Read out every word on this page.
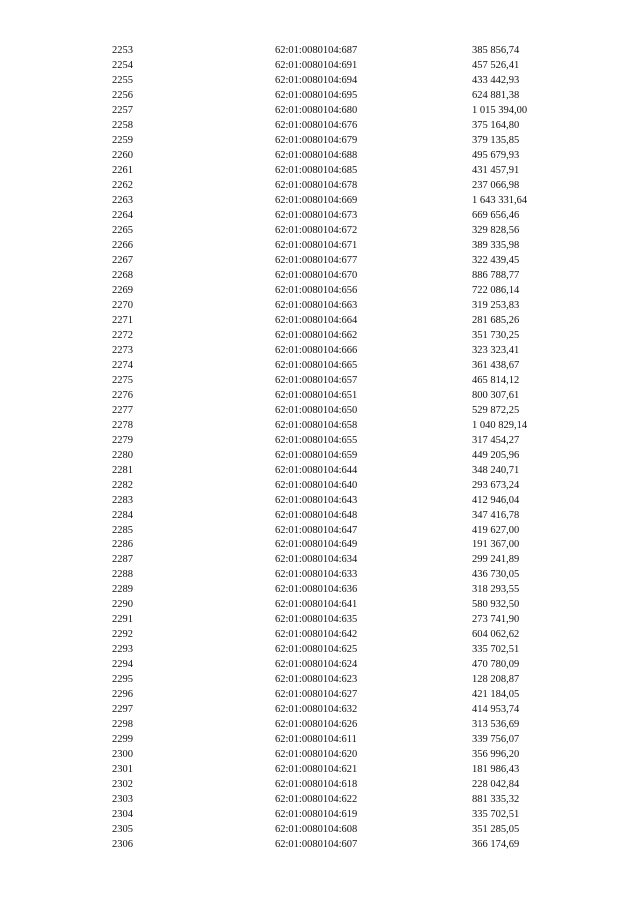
2253	62:01:0080104:687	385 856,74
2254	62:01:0080104:691	457 526,41
2255	62:01:0080104:694	433 442,93
2256	62:01:0080104:695	624 881,38
2257	62:01:0080104:680	1 015 394,00
2258	62:01:0080104:676	375 164,80
2259	62:01:0080104:679	379 135,85
2260	62:01:0080104:688	495 679,93
2261	62:01:0080104:685	431 457,91
2262	62:01:0080104:678	237 066,98
2263	62:01:0080104:669	1 643 331,64
2264	62:01:0080104:673	669 656,46
2265	62:01:0080104:672	329 828,56
2266	62:01:0080104:671	389 335,98
2267	62:01:0080104:677	322 439,45
2268	62:01:0080104:670	886 788,77
2269	62:01:0080104:656	722 086,14
2270	62:01:0080104:663	319 253,83
2271	62:01:0080104:664	281 685,26
2272	62:01:0080104:662	351 730,25
2273	62:01:0080104:666	323 323,41
2274	62:01:0080104:665	361 438,67
2275	62:01:0080104:657	465 814,12
2276	62:01:0080104:651	800 307,61
2277	62:01:0080104:650	529 872,25
2278	62:01:0080104:658	1 040 829,14
2279	62:01:0080104:655	317 454,27
2280	62:01:0080104:659	449 205,96
2281	62:01:0080104:644	348 240,71
2282	62:01:0080104:640	293 673,24
2283	62:01:0080104:643	412 946,04
2284	62:01:0080104:648	347 416,78
2285	62:01:0080104:647	419 627,00
2286	62:01:0080104:649	191 367,00
2287	62:01:0080104:634	299 241,89
2288	62:01:0080104:633	436 730,05
2289	62:01:0080104:636	318 293,55
2290	62:01:0080104:641	580 932,50
2291	62:01:0080104:635	273 741,90
2292	62:01:0080104:642	604 062,62
2293	62:01:0080104:625	335 702,51
2294	62:01:0080104:624	470 780,09
2295	62:01:0080104:623	128 208,87
2296	62:01:0080104:627	421 184,05
2297	62:01:0080104:632	414 953,74
2298	62:01:0080104:626	313 536,69
2299	62:01:0080104:611	339 756,07
2300	62:01:0080104:620	356 996,20
2301	62:01:0080104:621	181 986,43
2302	62:01:0080104:618	228 042,84
2303	62:01:0080104:622	881 335,32
2304	62:01:0080104:619	335 702,51
2305	62:01:0080104:608	351 285,05
2306	62:01:0080104:607	366 174,69
